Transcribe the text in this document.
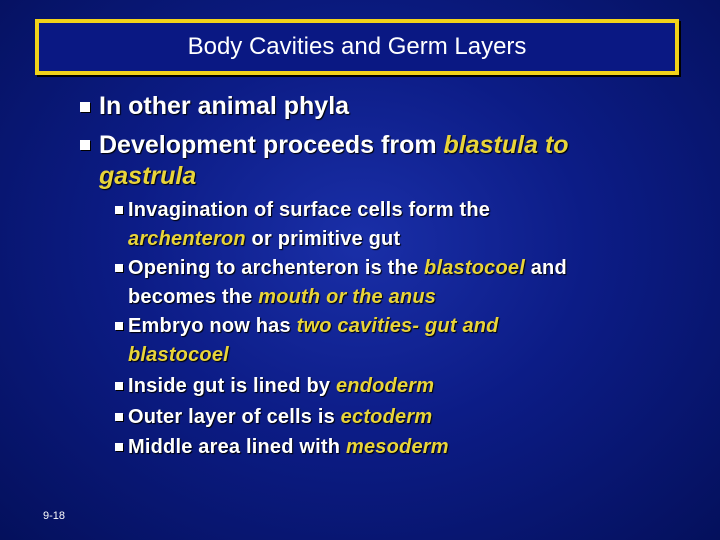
Body Cavities and Germ Layers
In other animal phyla
Development proceeds from blastula to
gastrula
Invagination of surface cells form the
archenteron or primitive gut
Opening to archenteron is the blastocoel and
becomes the mouth or the anus
Embryo now has two cavities- gut and
blastocoel
Inside gut is lined by endoderm
Outer layer of cells is ectoderm
Middle area lined with mesoderm
9-18
